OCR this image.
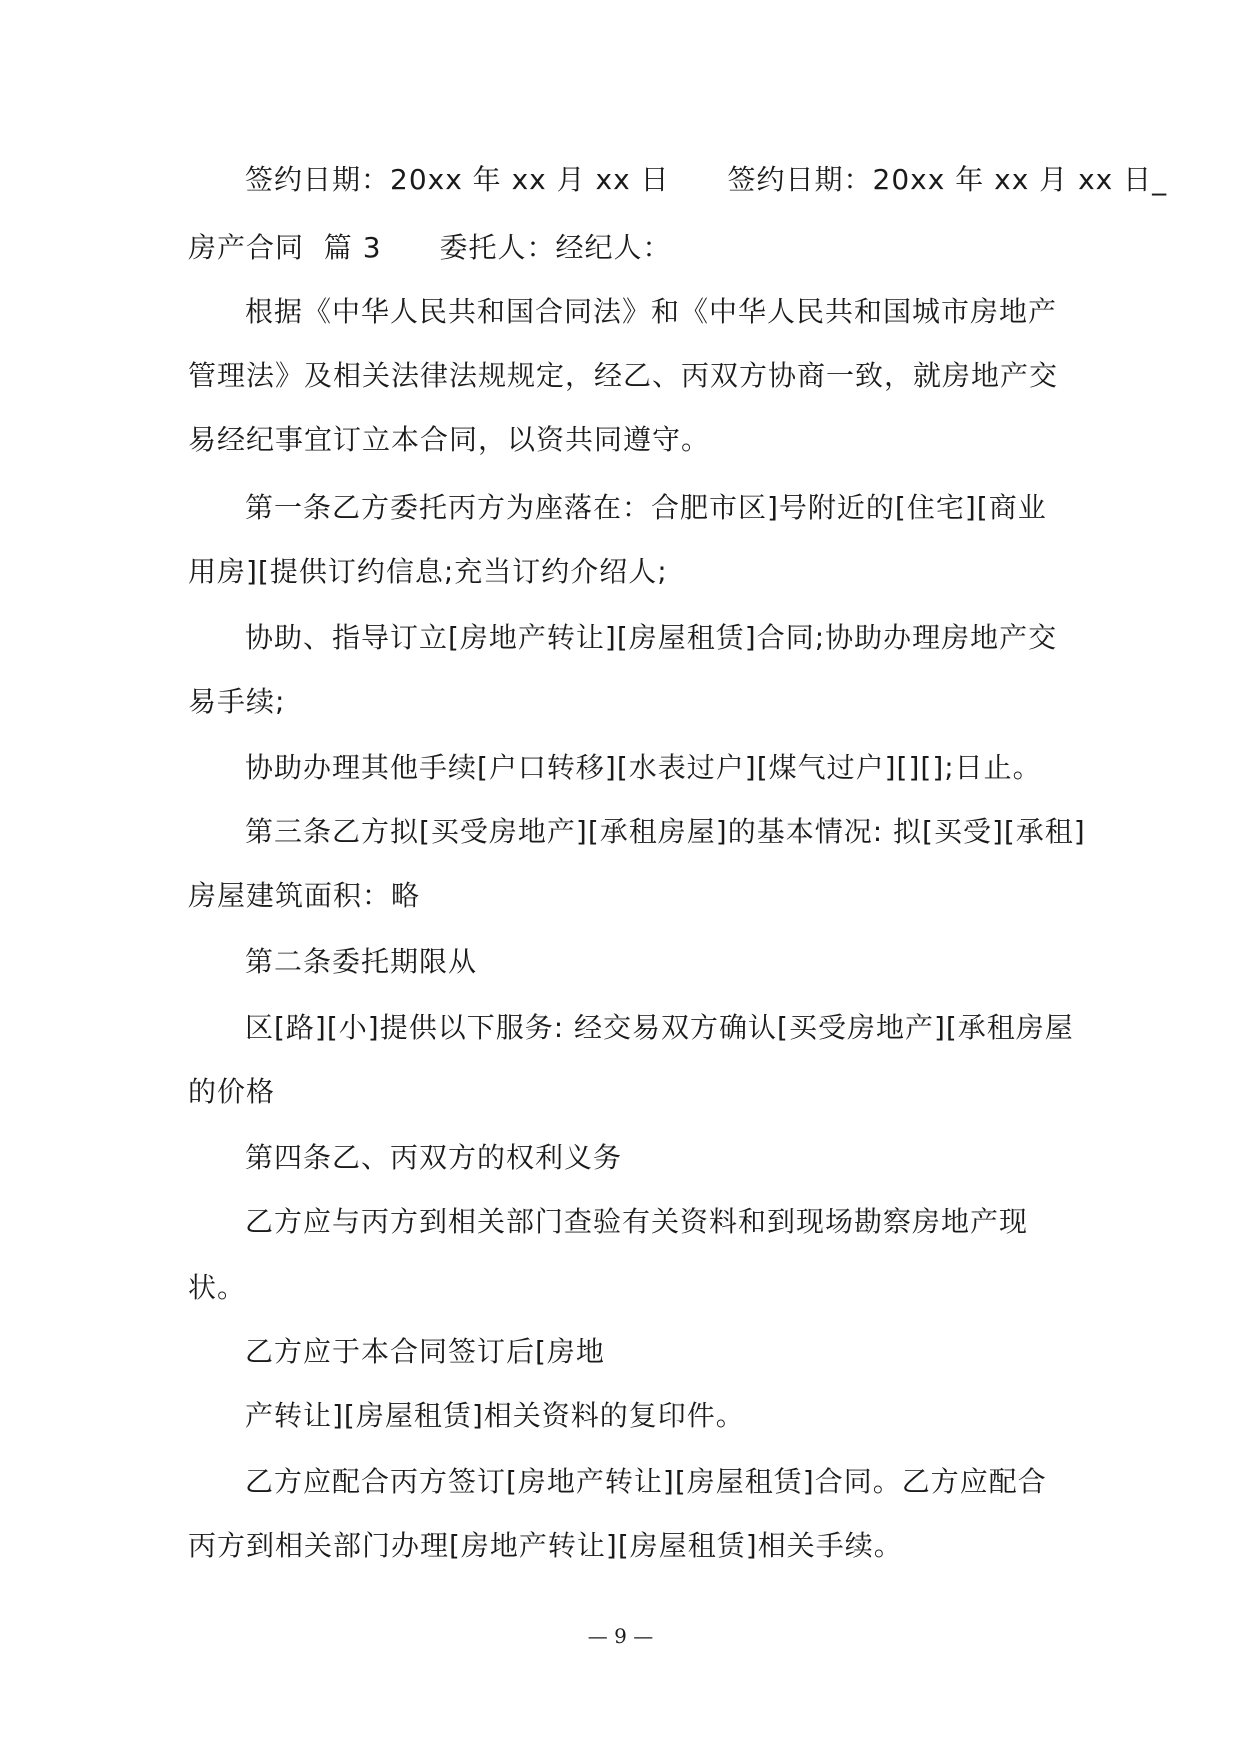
签约日期：20xx 年 xx 月 xx 日　　签约日期：20xx 年 xx 月 xx 日_
房产合同  篇 3　　委托人：经纪人：
根据《中华人民共和国合同法》和《中华人民共和国城市房地产
管理法》及相关法律法规规定，经乙、丙双方协商一致，就房地产交
易经纪事宜订立本合同，以资共同遵守。
第一条乙方委托丙方为座落在：合肥市区]号附近的[住宅][商业
用房][提供订约信息;充当订约介绍人;
协助、指导订立[房地产转让][房屋租赁]合同;协助办理房地产交
易手续;
协助办理其他手续[户口转移][水表过户][煤气过户][][];日止。
第三条乙方拟[买受房地产][承租房屋]的基本情况: 拟[买受][承租]
房屋建筑面积：略
第二条委托期限从
区[路][小]提供以下服务: 经交易双方确认[买受房地产][承租房屋
的价格
第四条乙、丙双方的权利义务
乙方应与丙方到相关部门查验有关资料和到现场勘察房地产现
状。
乙方应于本合同签订后[房地
产转让][房屋租赁]相关资料的复印件。
乙方应配合丙方签订[房地产转让][房屋租赁]合同。乙方应配合
丙方到相关部门办理[房地产转让][房屋租赁]相关手续。
— 9 —
